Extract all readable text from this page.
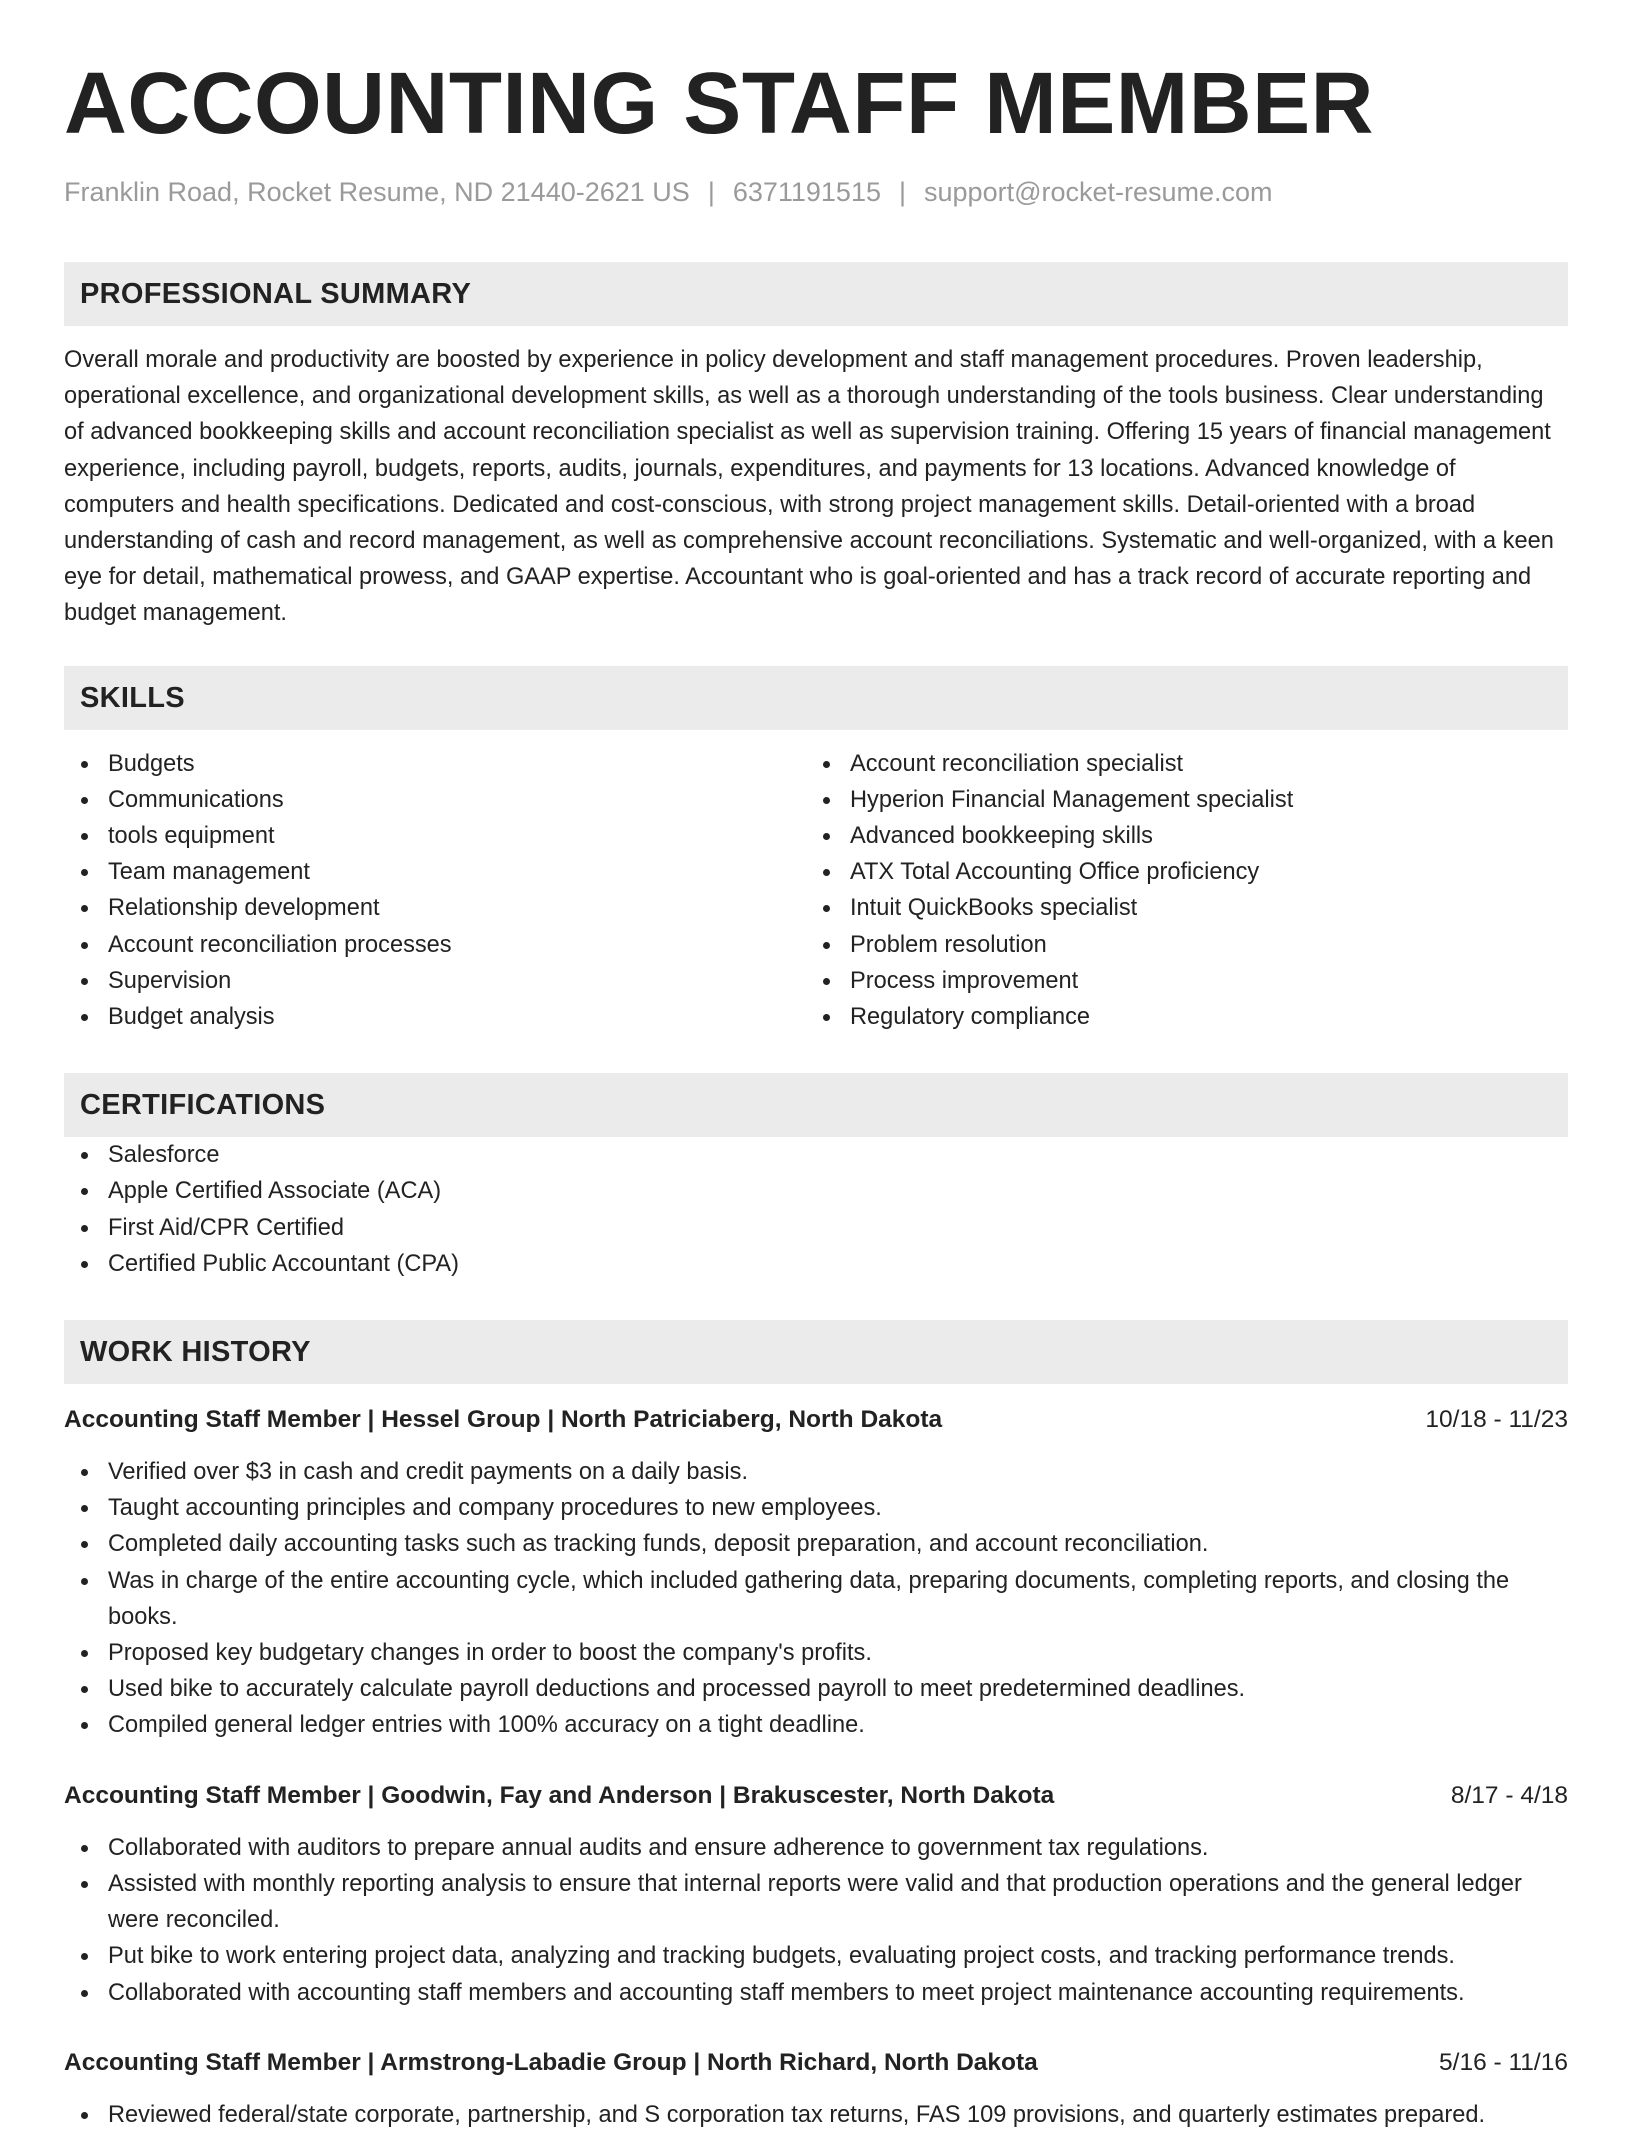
ACCOUNTING STAFF MEMBER
Franklin Road, Rocket Resume, ND 21440-2621 US | 6371191515 | support@rocket-resume.com
PROFESSIONAL SUMMARY
Overall morale and productivity are boosted by experience in policy development and staff management procedures. Proven leadership, operational excellence, and organizational development skills, as well as a thorough understanding of the tools business. Clear understanding of advanced bookkeeping skills and account reconciliation specialist as well as supervision training. Offering 15 years of financial management experience, including payroll, budgets, reports, audits, journals, expenditures, and payments for 13 locations. Advanced knowledge of computers and health specifications. Dedicated and cost-conscious, with strong project management skills. Detail-oriented with a broad understanding of cash and record management, as well as comprehensive account reconciliations. Systematic and well-organized, with a keen eye for detail, mathematical prowess, and GAAP expertise. Accountant who is goal-oriented and has a track record of accurate reporting and budget management.
SKILLS
Budgets
Communications
tools equipment
Team management
Relationship development
Account reconciliation processes
Supervision
Budget analysis
Account reconciliation specialist
Hyperion Financial Management specialist
Advanced bookkeeping skills
ATX Total Accounting Office proficiency
Intuit QuickBooks specialist
Problem resolution
Process improvement
Regulatory compliance
CERTIFICATIONS
Salesforce
Apple Certified Associate (ACA)
First Aid/CPR Certified
Certified Public Accountant (CPA)
WORK HISTORY
Accounting Staff Member | Hessel Group | North Patriciaberg, North Dakota	10/18 - 11/23
Verified over $3 in cash and credit payments on a daily basis.
Taught accounting principles and company procedures to new employees.
Completed daily accounting tasks such as tracking funds, deposit preparation, and account reconciliation.
Was in charge of the entire accounting cycle, which included gathering data, preparing documents, completing reports, and closing the books.
Proposed key budgetary changes in order to boost the company's profits.
Used bike to accurately calculate payroll deductions and processed payroll to meet predetermined deadlines.
Compiled general ledger entries with 100% accuracy on a tight deadline.
Accounting Staff Member | Goodwin, Fay and Anderson | Brakuscester, North Dakota	8/17 - 4/18
Collaborated with auditors to prepare annual audits and ensure adherence to government tax regulations.
Assisted with monthly reporting analysis to ensure that internal reports were valid and that production operations and the general ledger were reconciled.
Put bike to work entering project data, analyzing and tracking budgets, evaluating project costs, and tracking performance trends.
Collaborated with accounting staff members and accounting staff members to meet project maintenance accounting requirements.
Accounting Staff Member | Armstrong-Labadie Group | North Richard, North Dakota	5/16 - 11/16
Reviewed federal/state corporate, partnership, and S corporation tax returns, FAS 109 provisions, and quarterly estimates prepared.
